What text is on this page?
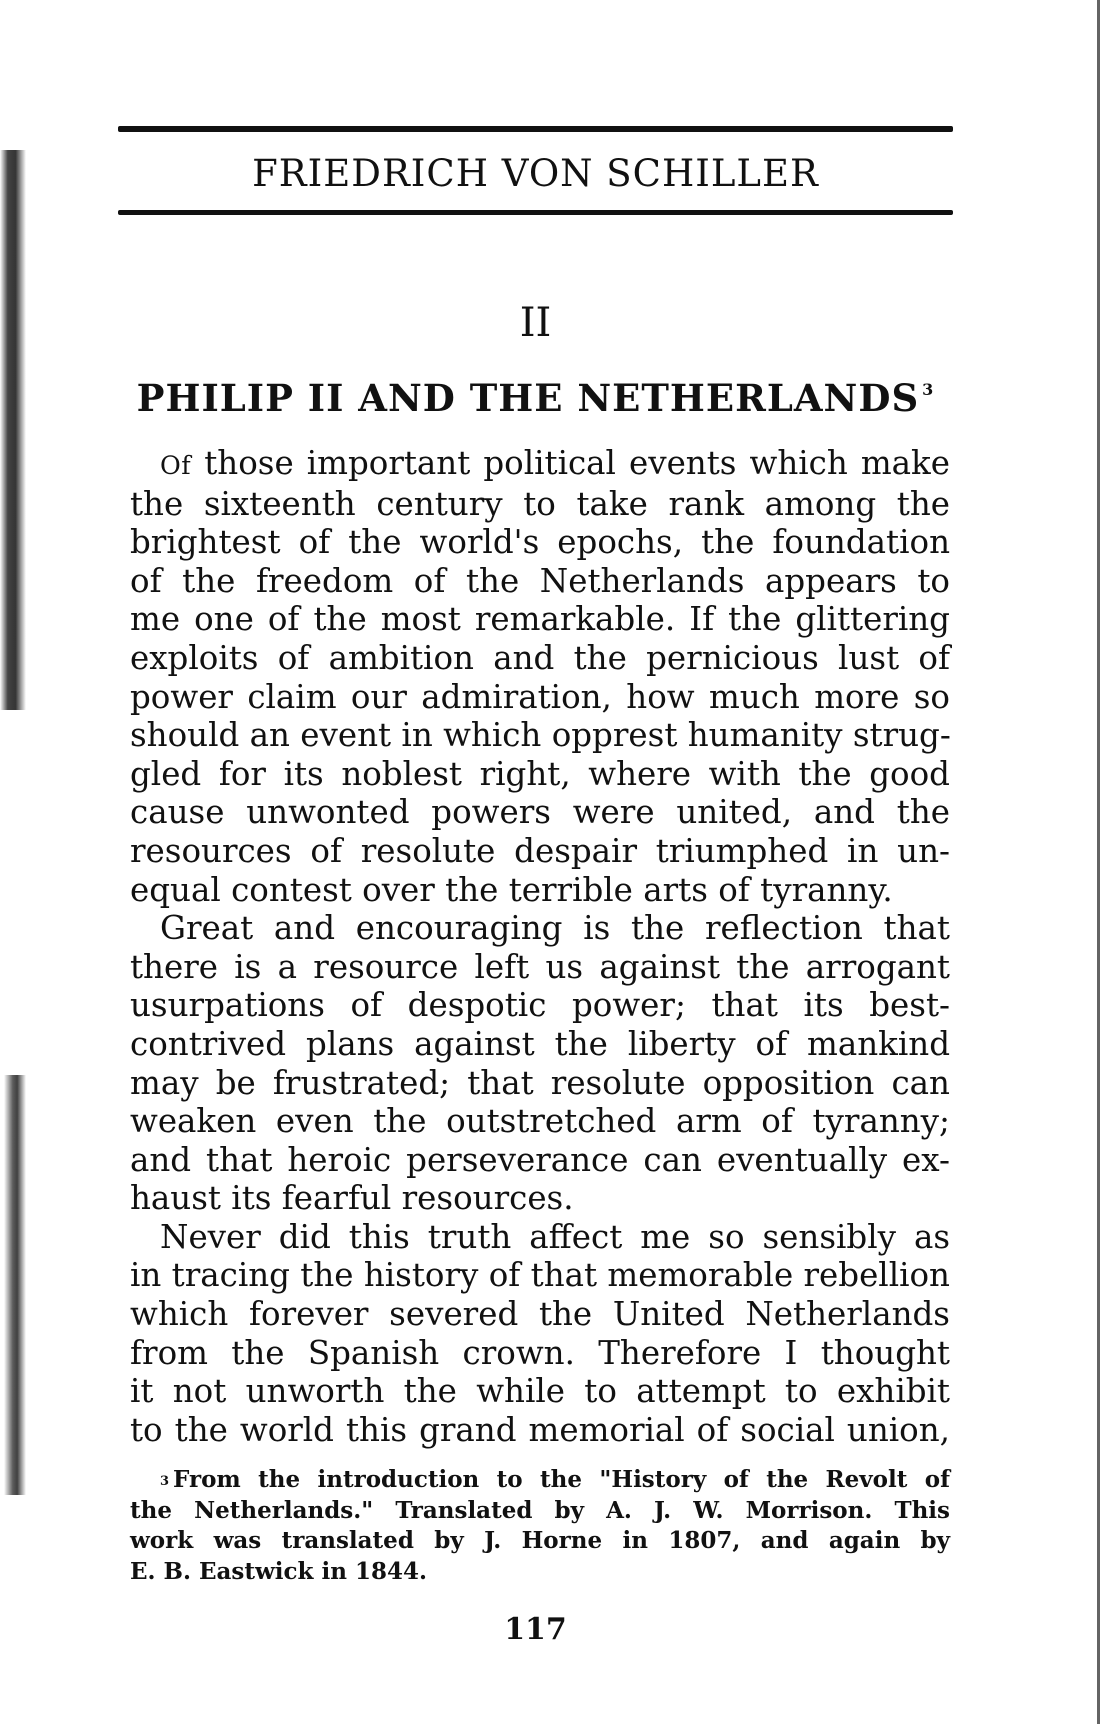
FRIEDRICH VON SCHILLER
II
PHILIP II AND THE NETHERLANDS $^3$
Of those important political events which make
the sixteenth century to take rank among the
brightest of the world's epochs, the foundation
of the freedom of the Netherlands appears to
me one of the most remarkable. If the glittering
exploits of ambition and the pernicious lust of
power claim our admiration, how much more so
should an event in which opprest humanity strug-
gled for its noblest right, where with the good
cause unwonted powers were united, and the
resources of resolute despair triumphed in un-
equal contest over the terrible arts of tyranny.
Great and encouraging is the reflection that
there is a resource left us against the arrogant
usurpations of despotic power; that its best-
contrived plans against the liberty of mankind
may be frustrated; that resolute opposition can
weaken even the outstretched arm of tyranny;
and that heroic perseverance can eventually ex-
haust its fearful resources.
Never did this truth affect me so sensibly as
in tracing the history of that memorable rebellion
which forever severed the United Netherlands
from the Spanish crown. Therefore I thought
it not unworth the while to attempt to exhibit
to the world this grand memorial of social union,
$^3$ From the introduction to the "History of the Revolt of
the Netherlands." Translated by A. J. W. Morrison. This
work was translated by J. Horne in 1807, and again by
E. B. Eastwick in 1844.
117
